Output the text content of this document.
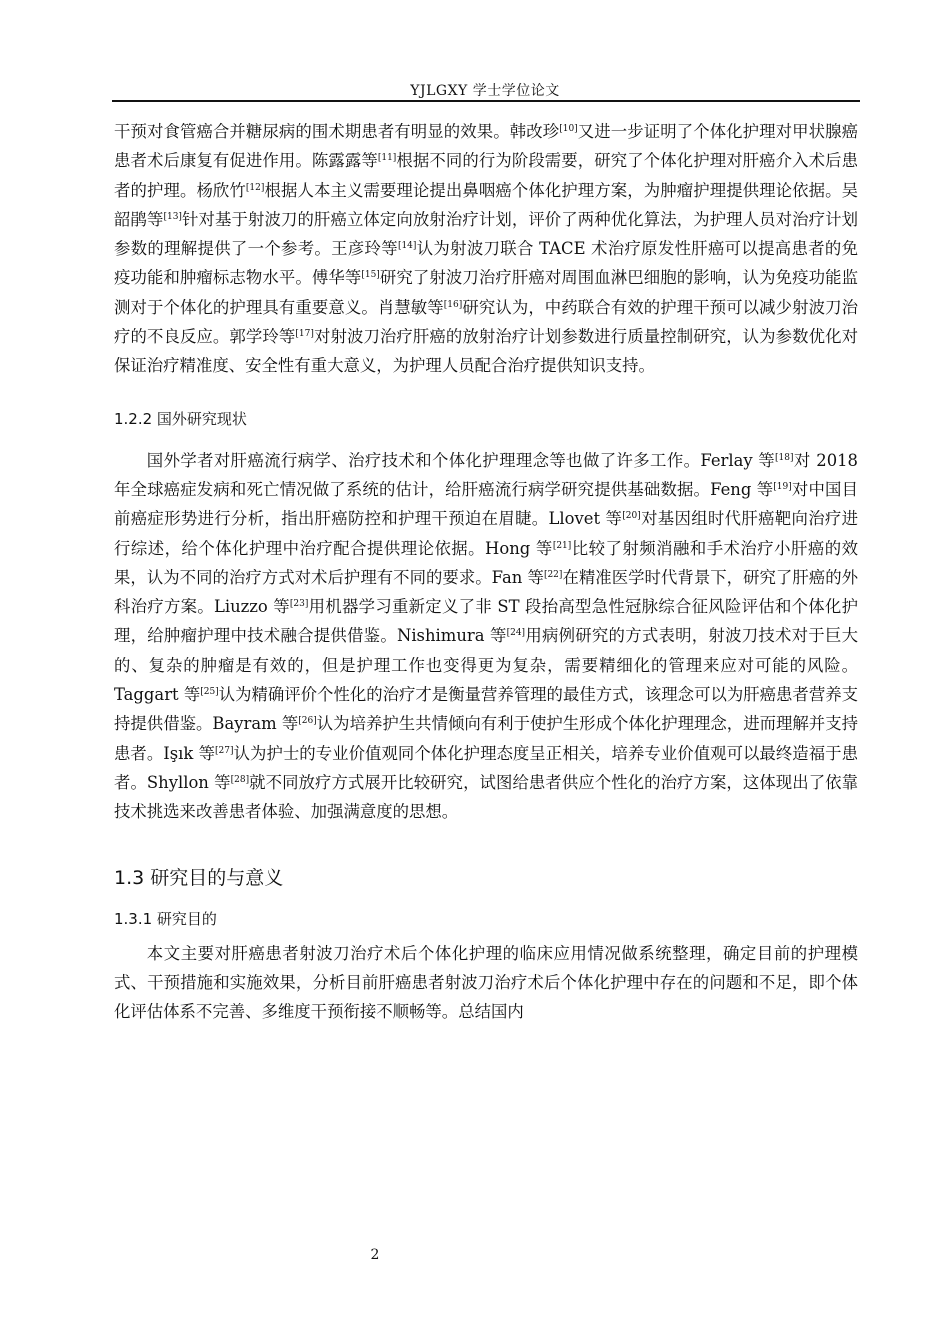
YJLGXY 学士学位论文

干预对食管癌合并糖尿病的围术期患者有明显的效果。韩改珍[10]又进一步证明了个体化护理对甲状腺癌患者术后康复有促进作用。陈露露等[11]根据不同的行为阶段需要，研究了个体化护理对肝癌介入术后患者的护理。杨欣竹[12]根据人本主义需要理论提出鼻咽癌个体化护理方案，为肿瘤护理提供理论依据。吴韶鹃等[13]针对基于射波刀的肝癌立体定向放射治疗计划，评价了两种优化算法，为护理人员对治疗计划参数的理解提供了一个参考。王彦玲等[14]认为射波刀联合 TACE 术治疗原发性肝癌可以提高患者的免疫功能和肿瘤标志物水平。傅华等[15]研究了射波刀治疗肝癌对周围血淋巴细胞的影响，认为免疫功能监测对于个体化的护理具有重要意义。肖慧敏等[16]研究认为，中药联合有效的护理干预可以减少射波刀治疗的不良反应。郭学玲等[17]对射波刀治疗肝癌的放射治疗计划参数进行质量控制研究，认为参数优化对保证治疗精准度、安全性有重大意义，为护理人员配合治疗提供知识支持。

1.2.2 国外研究现状

国外学者对肝癌流行病学、治疗技术和个体化护理理念等也做了许多工作。Ferlay 等[18]对 2018 年全球癌症发病和死亡情况做了系统的估计，给肝癌流行病学研究提供基础数据。Feng 等[19]对中国目前癌症形势进行分析，指出肝癌防控和护理干预迫在眉睫。Llovet 等[20]对基因组时代肝癌靶向治疗进行综述，给个体化护理中治疗配合提供理论依据。Hong 等[21]比较了射频消融和手术治疗小肝癌的效果，认为不同的治疗方式对术后护理有不同的要求。Fan 等[22]在精准医学时代背景下，研究了肝癌的外科治疗方案。Liuzzo 等[23]用机器学习重新定义了非 ST 段抬高型急性冠脉综合征风险评估和个体化护理，给肿瘤护理中技术融合提供借鉴。Nishimura 等[24]用病例研究的方式表明，射波刀技术对于巨大的、复杂的肿瘤是有效的，但是护理工作也变得更为复杂，需要精细化的管理来应对可能的风险。Taggart 等[25]认为精确评价个性化的治疗才是衡量营养管理的最佳方式，该理念可以为肝癌患者营养支持提供借鉴。Bayram 等[26]认为培养护生共情倾向有利于使护生形成个体化护理理念，进而理解并支持患者。Işık 等[27]认为护士的专业价值观同个体化护理态度呈正相关，培养专业价值观可以最终造福于患者。Shyllon 等[28]就不同放疗方式展开比较研究，试图给患者供应个性化的治疗方案，这体现出了依靠技术挑选来改善患者体验、加强满意度的思想。

1.3 研究目的与意义
1.3.1 研究目的

本文主要对肝癌患者射波刀治疗术后个体化护理的临床应用情况做系统整理，确定目前的护理模式、干预措施和实施效果，分析目前肝癌患者射波刀治疗术后个体化护理中存在的问题和不足，即个体化评估体系不完善、多维度干预衔接不顺畅等。总结国内

2
